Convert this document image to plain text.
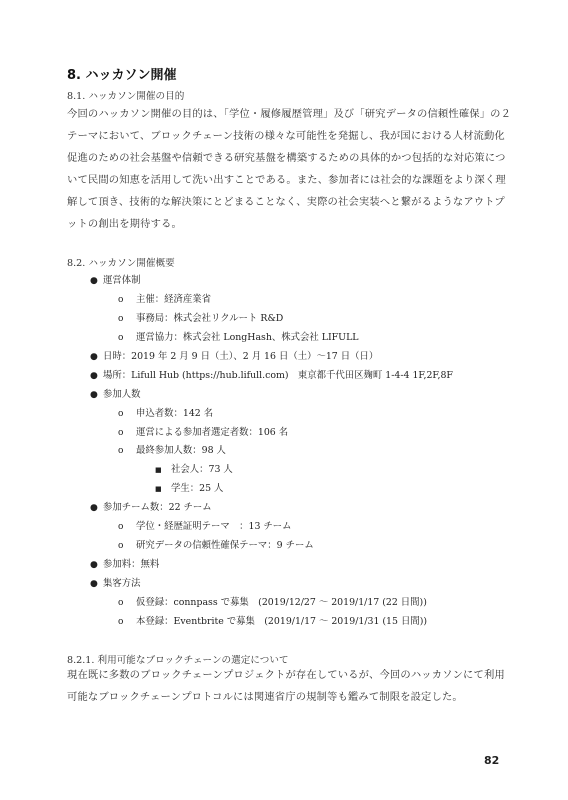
8. ハッカソン開催
8.1. ハッカソン開催の目的
今回のハッカソン開催の目的は、「学位・履修履歴管理」及び「研究データの信頼性確保」の２
テーマにおいて、ブロックチェーン技術の様々な可能性を発掘し、我が国における人材流動化
促進のための社会基盤や信頼できる研究基盤を構築するための具体的かつ包括的な対応策につ
いて民間の知恵を活用して洗い出すことである。また、参加者には社会的な課題をより深く理
解して頂き、技術的な解決策にとどまることなく、実際の社会実装へと繋がるようなアウトプ
ットの創出を期待する。
8.2. ハッカソン開催概要
● 運営体制
o 主催：経済産業省
o 事務局：株式会社リクルート R&D
o 運営協力：株式会社 LongHash、株式会社 LIFULL
● 日時：2019 年 2 月 9 日（土）、2 月 16 日（土）～17 日（日）
● 場所：Lifull Hub (https://hub.lifull.com)　東京都千代田区麹町 1-4-4 1F,2F,8F
● 参加人数
o 申込者数：142 名
o 運営による参加者選定者数：106 名
o 最終参加人数：98 人
■ 社会人：73 人
■ 学生：25 人
● 参加チーム数：22 チーム
o 学位・経歴証明テーマ　：13 チーム
o 研究データの信頼性確保テーマ：9 チーム
● 参加料：無料
● 集客方法
o 仮登録：connpass で募集　(2019/12/27 ～ 2019/1/17 (22 日間))
o 本登録：Eventbrite で募集　(2019/1/17 ～ 2019/1/31 (15 日間))
8.2.1. 利用可能なブロックチェーンの選定について
現在既に多数のブロックチェーンプロジェクトが存在しているが、今回のハッカソンにて利用
可能なブロックチェーンプロトコルには関連省庁の規制等も鑑みて制限を設定した。
82
